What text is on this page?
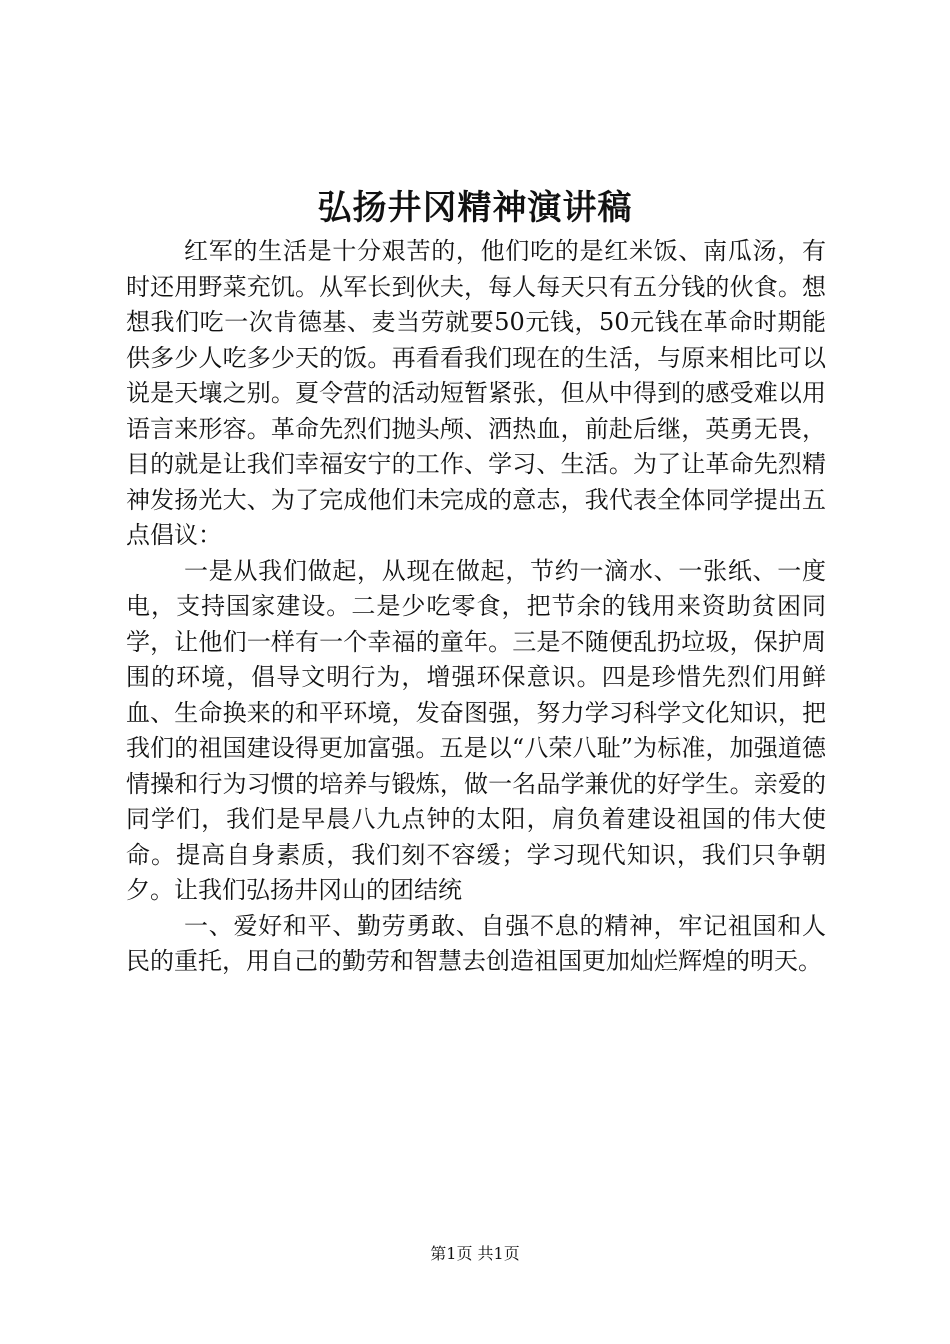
弘扬井冈精神演讲稿

红军的生活是十分艰苦的，他们吃的是红米饭、南瓜汤，有时还用野菜充饥。从军长到伙夫，每人每天只有五分钱的伙食。想想我们吃一次肯德基、麦当劳就要50元钱，50元钱在革命时期能供多少人吃多少天的饭。再看看我们现在的生活，与原来相比可以说是天壤之别。夏令营的活动短暂紧张，但从中得到的感受难以用语言来形容。革命先烈们抛头颅、洒热血，前赴后继，英勇无畏，目的就是让我们幸福安宁的工作、学习、生活。为了让革命先烈精神发扬光大、为了完成他们未完成的意志，我代表全体同学提出五点倡议：

一是从我们做起，从现在做起，节约一滴水、一张纸、一度电，支持国家建设。二是少吃零食，把节余的钱用来资助贫困同学，让他们一样有一个幸福的童年。三是不随便乱扔垃圾，保护周围的环境，倡导文明行为，增强环保意识。四是珍惜先烈们用鲜血、生命换来的和平环境，发奋图强，努力学习科学文化知识，把我们的祖国建设得更加富强。五是以“八荣八耻”为标准，加强道德情操和行为习惯的培养与锻炼，做一名品学兼优的好学生。亲爱的同学们，我们是早晨八九点钟的太阳，肩负着建设祖国的伟大使命。提高自身素质，我们刻不容缓；学习现代知识，我们只争朝夕。让我们弘扬井冈山的团结统

一、爱好和平、勤劳勇敢、自强不息的精神，牢记祖国和人民的重托，用自己的勤劳和智慧去创造祖国更加灿烂辉煌的明天。

第1页 共1页
